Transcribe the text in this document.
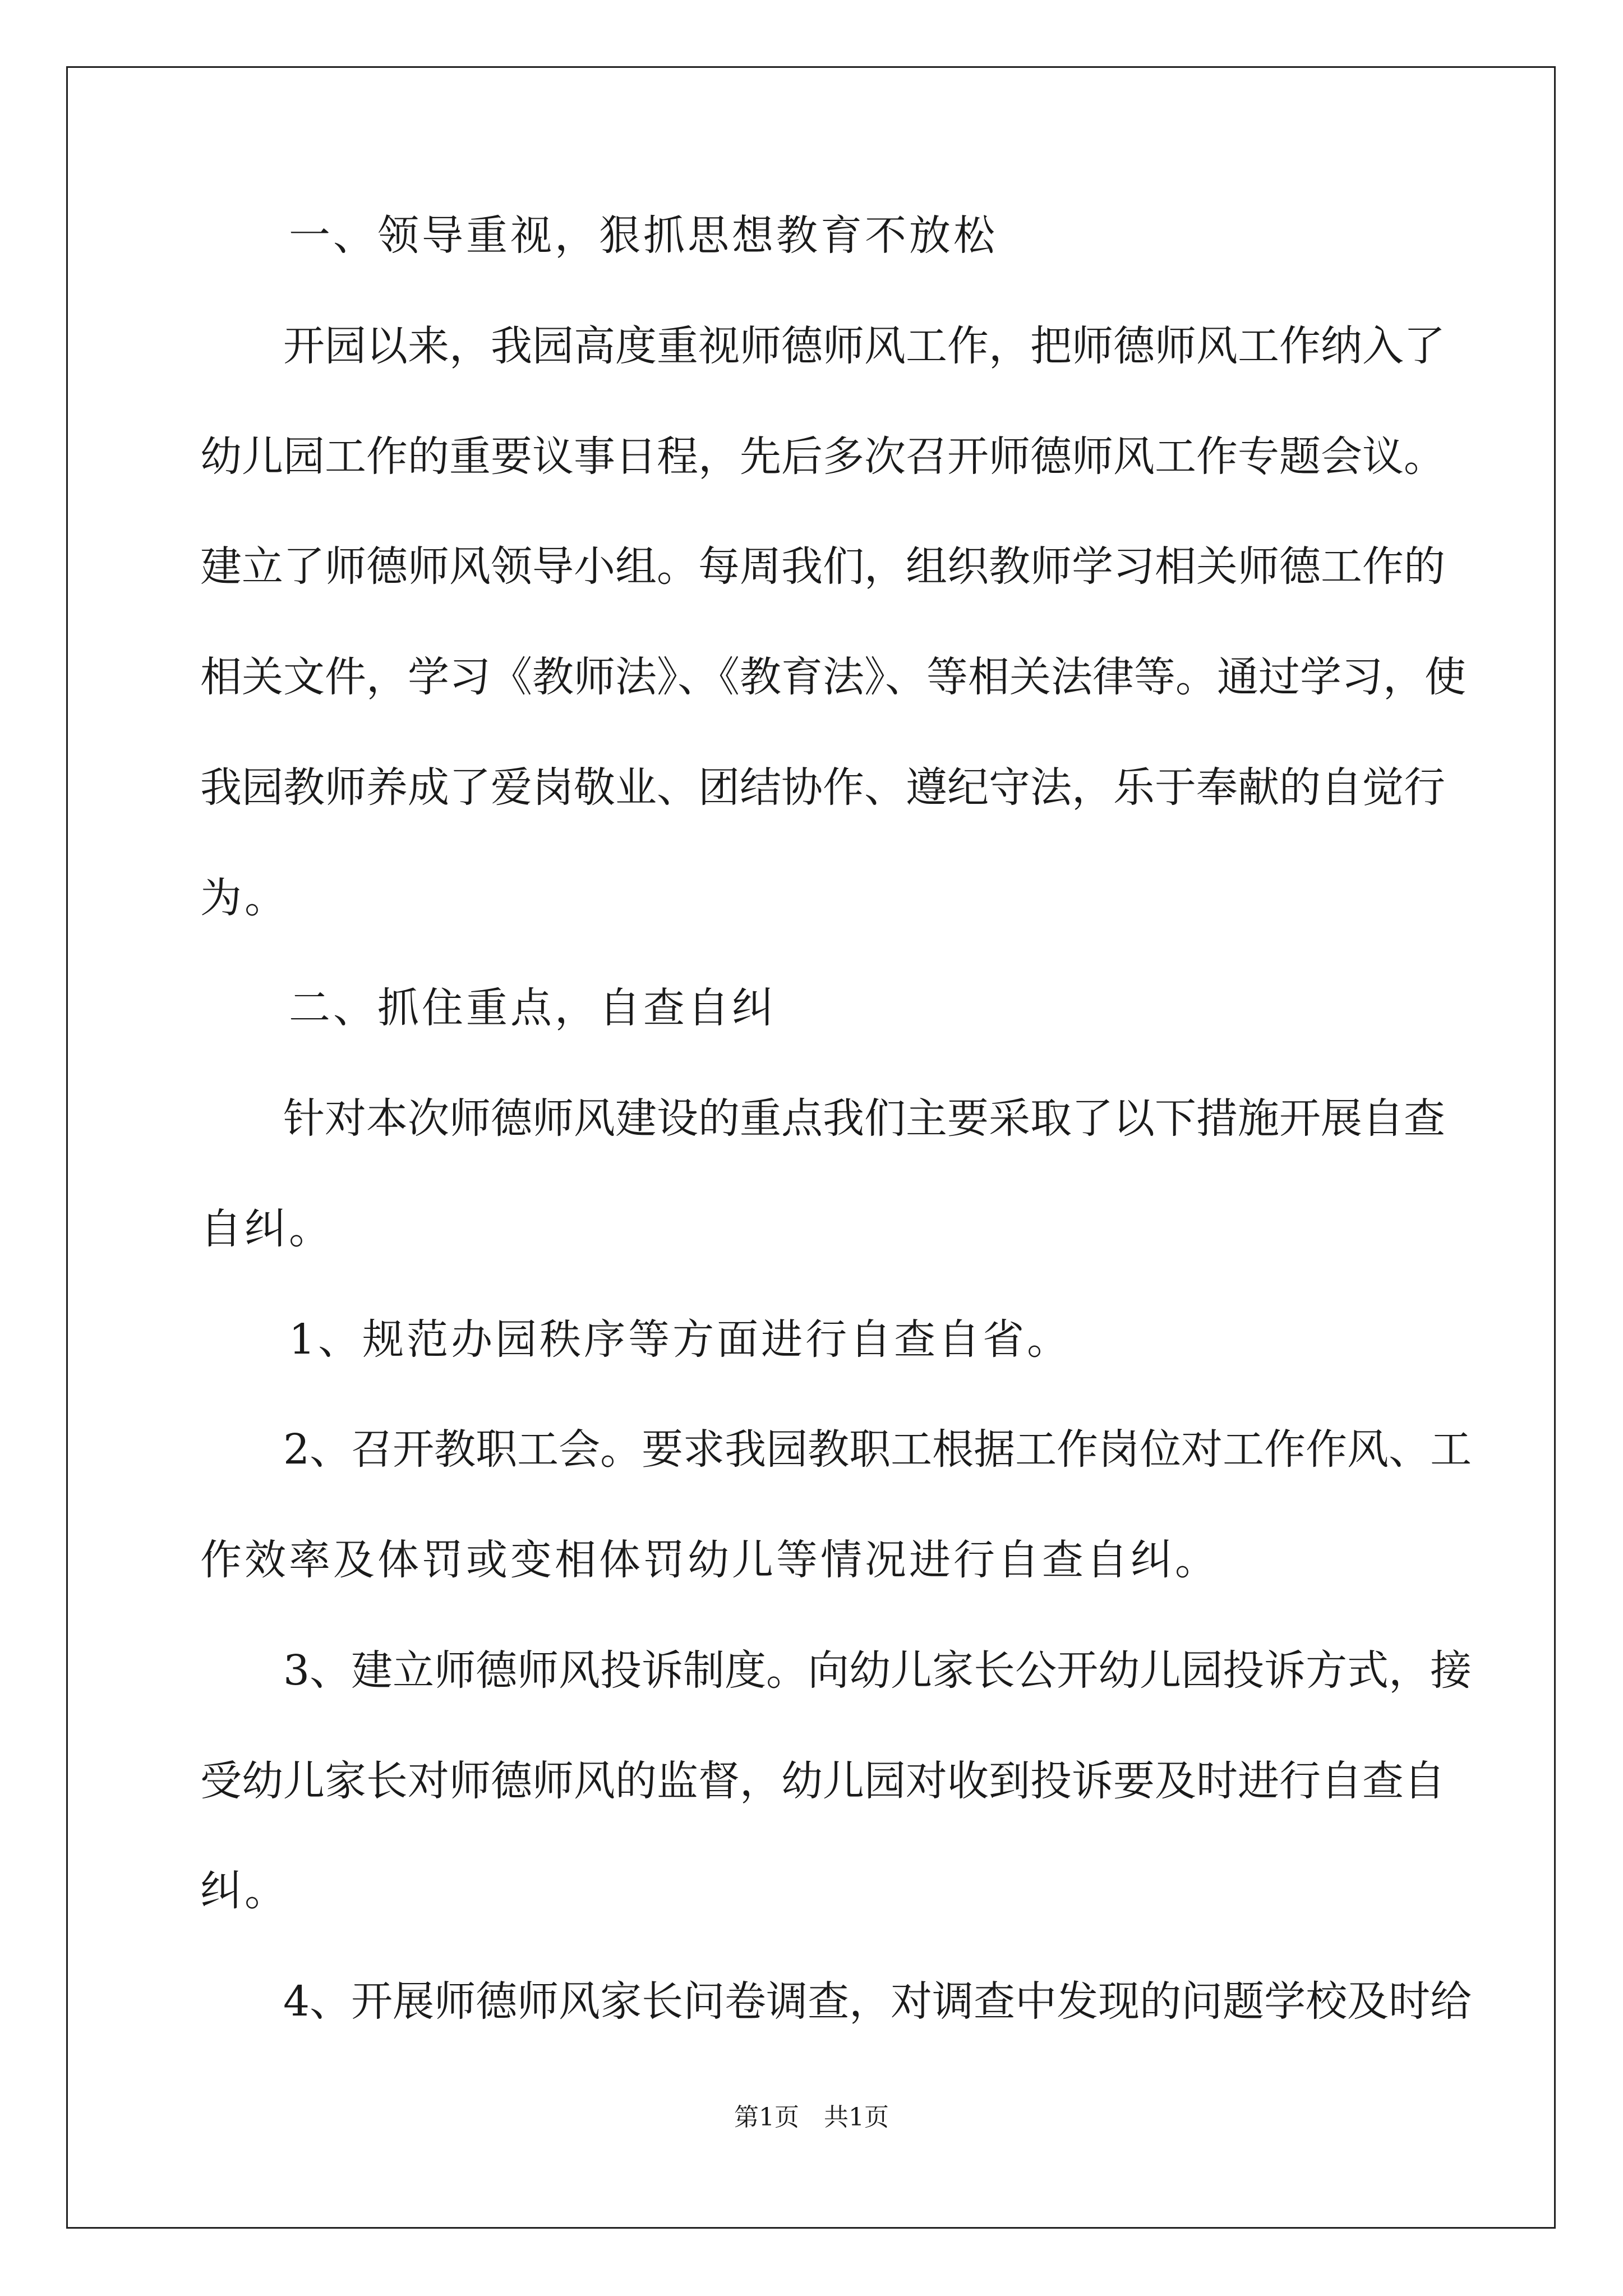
　　一、领导重视，狠抓思想教育不放松
　　开园以来，我园高度重视师德师风工作，把师德师风工作纳入了
幼儿园工作的重要议事日程，先后多次召开师德师风工作专题会议。
建立了师德师风领导小组。每周我们，组织教师学习相关师德工作的
相关文件，学习《教师法》、《教育法》、等相关法律等。通过学习，使
我园教师养成了爱岗敬业、团结协作、遵纪守法，乐于奉献的自觉行
为。
　　二、抓住重点，自查自纠
　　针对本次师德师风建设的重点我们主要采取了以下措施开展自查
自纠。
　　1、规范办园秩序等方面进行自查自省。
　　2、召开教职工会。要求我园教职工根据工作岗位对工作作风、工
作效率及体罚或变相体罚幼儿等情况进行自查自纠。
　　3、建立师德师风投诉制度。向幼儿家长公开幼儿园投诉方式，接
受幼儿家长对师德师风的监督，幼儿园对收到投诉要及时进行自查自
纠。
　　4、开展师德师风家长问卷调查，对调查中发现的问题学校及时给
第1页　共1页
